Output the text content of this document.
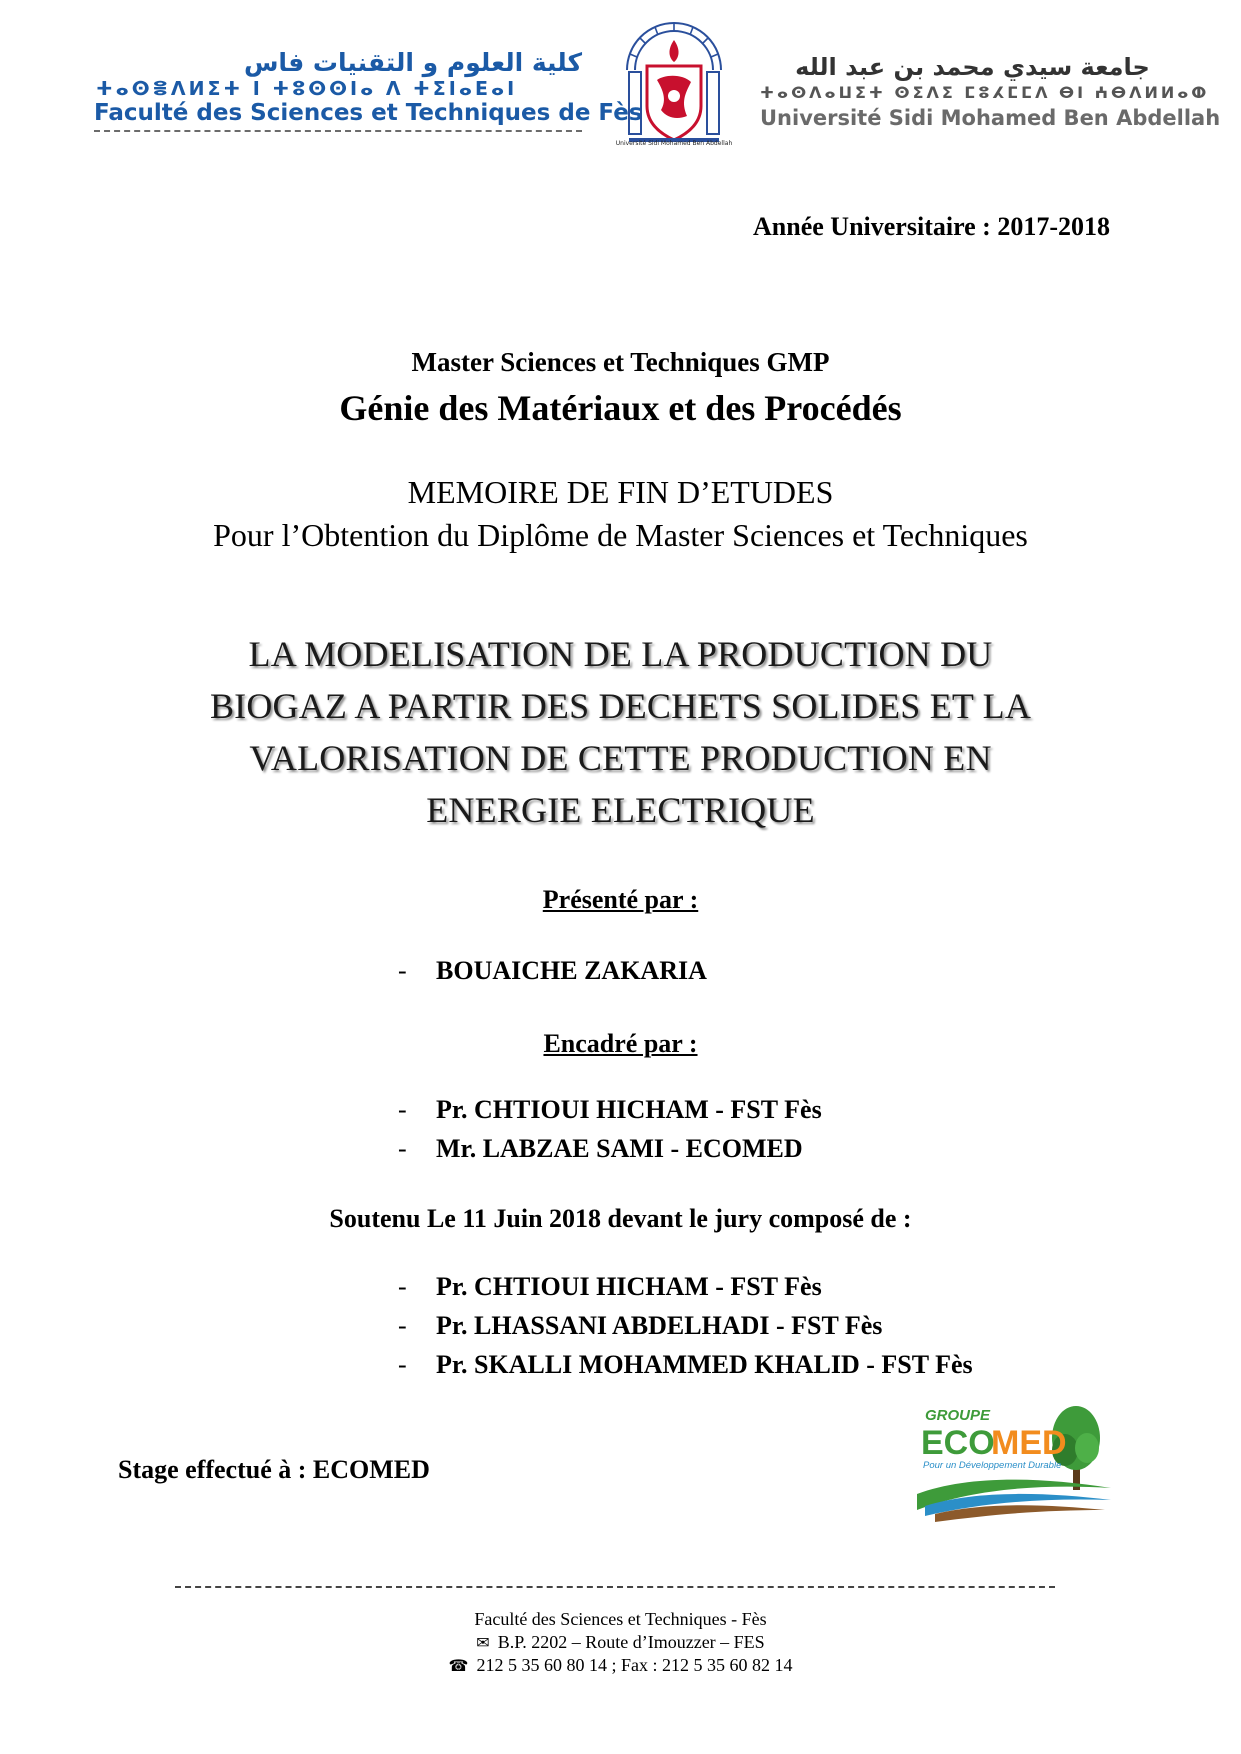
كلية العلوم و التقنيات فاس
ⵜⴰⵙⴻⴷⵍⵉⵜ ⵏ ⵜⵓⵙⵙⵏⴰ ⴷ ⵜⵉⵏⴰⴹⴰⵏ
Faculté des Sciences et Techniques de Fès
Université Sidi Mohamed Ben Abdellah
جامعة سيدي محمد بن عبد الله
ⵜⴰⵙⴷⴰⵡⵉⵜ ⵙⵉⴷⵉ ⵎⵓⵃⵎⵎⴷ ⴱⵏ ⵄⴱⴷⵍⵍⴰⵀ
Université Sidi Mohamed Ben Abdellah
Année Universitaire : 2017-2018
Master Sciences et Techniques GMP
Génie des Matériaux et des Procédés
MEMOIRE DE FIN D’ETUDES
Pour l’Obtention du Diplôme de Master Sciences et Techniques
LA MODELISATION DE LA PRODUCTION DU
BIOGAZ A PARTIR DES DECHETS SOLIDES ET LA
VALORISATION DE CETTE PRODUCTION EN
ENERGIE ELECTRIQUE
Présenté par :
- BOUAICHE ZAKARIA
Encadré par :
- Pr. CHTIOUI HICHAM - FST Fès
- Mr. LABZAE SAMI - ECOMED
Soutenu Le 11 Juin 2018 devant le jury composé de :
- Pr. CHTIOUI HICHAM - FST Fès
- Pr. LHASSANI ABDELHADI - FST Fès
- Pr. SKALLI MOHAMMED KHALID - FST Fès
Stage effectué à : ECOMED
GROUPE
ECO
MED
Pour un Développement Durable
Faculté des Sciences et Techniques - Fès
✉ B.P. 2202 – Route d’Imouzzer – FES
☎ 212 5 35 60 80 14 ; Fax : 212 5 35 60 82 14
